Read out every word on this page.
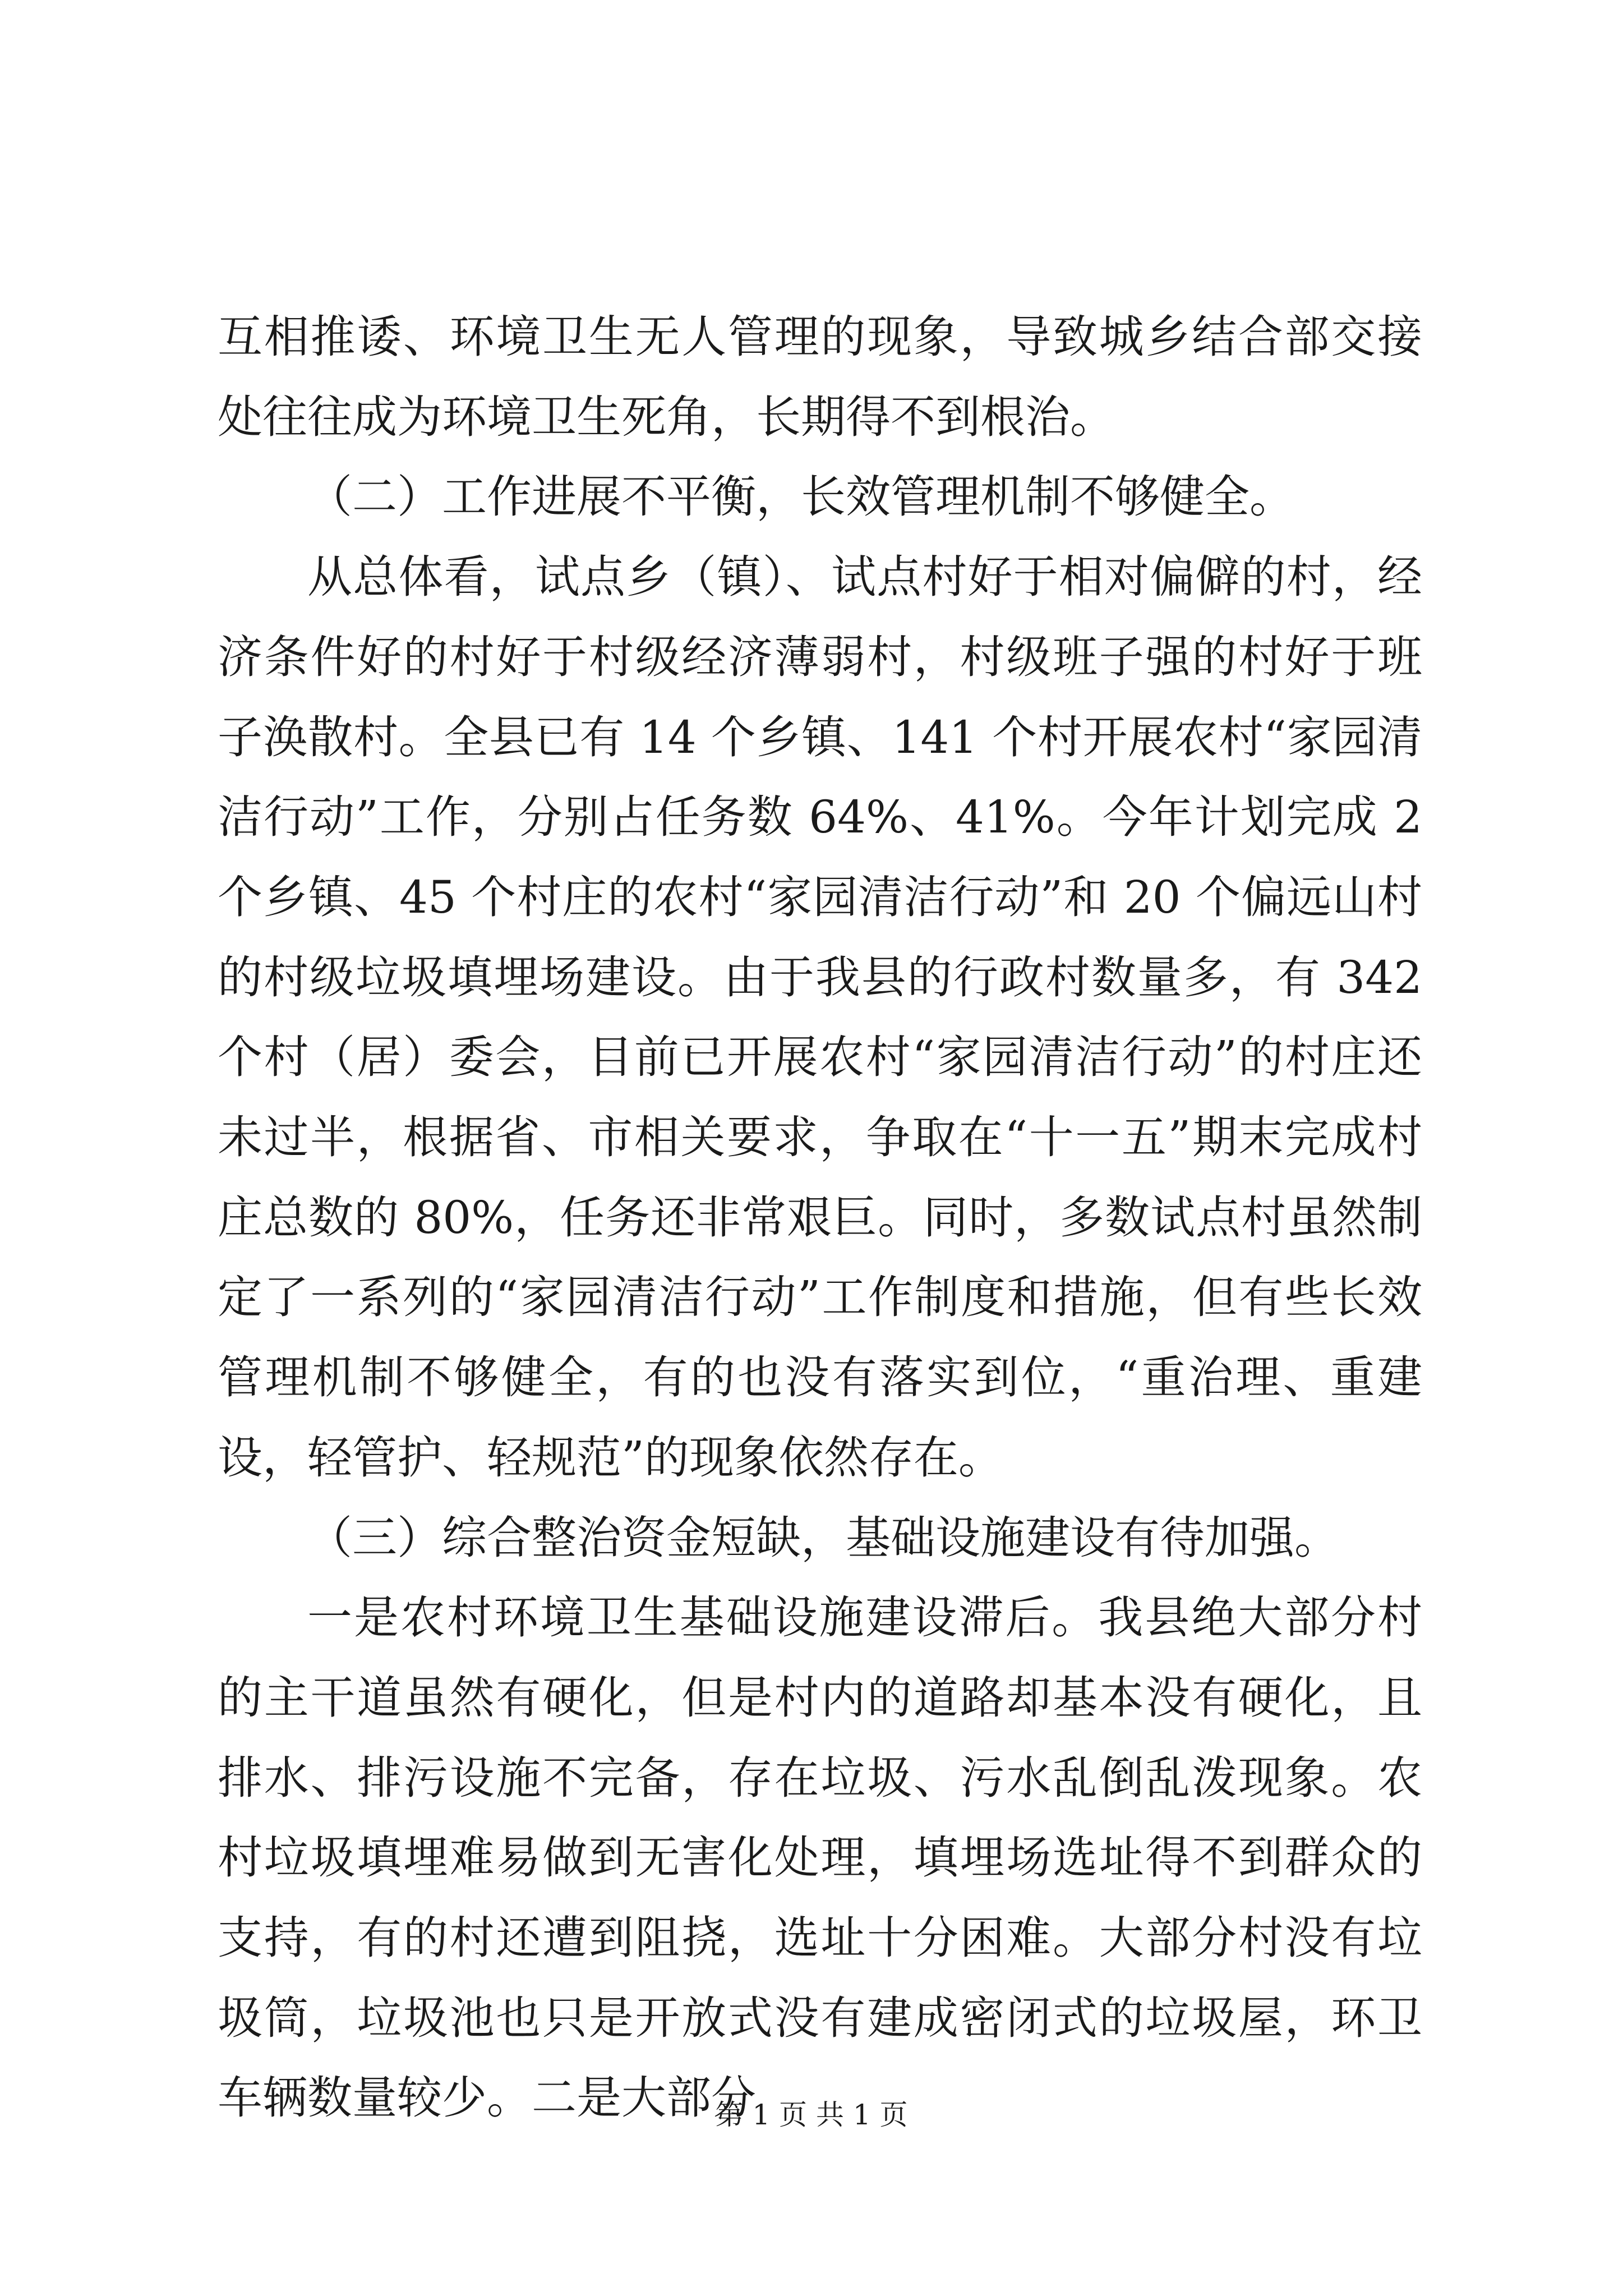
互相推诿、环境卫生无人管理的现象，导致城乡结合部交接处往往成为环境卫生死角，长期得不到根治。

（二）工作进展不平衡，长效管理机制不够健全。

从总体看，试点乡（镇）、试点村好于相对偏僻的村，经济条件好的村好于村级经济薄弱村，村级班子强的村好于班子涣散村。全县已有 14 个乡镇、141 个村开展农村“家园清洁行动”工作，分别占任务数 64%、41%。今年计划完成 2 个乡镇、45 个村庄的农村“家园清洁行动”和 20 个偏远山村的村级垃圾填埋场建设。由于我县的行政村数量多，有 342 个村（居）委会，目前已开展农村“家园清洁行动”的村庄还未过半，根据省、市相关要求，争取在“十一五”期末完成村庄总数的 80%，任务还非常艰巨。同时，多数试点村虽然制定了一系列的“家园清洁行动”工作制度和措施，但有些长效管理机制不够健全，有的也没有落实到位，“重治理、重建设，轻管护、轻规范”的现象依然存在。

（三）综合整治资金短缺，基础设施建设有待加强。

一是农村环境卫生基础设施建设滞后。我县绝大部分村的主干道虽然有硬化，但是村内的道路却基本没有硬化，且排水、排污设施不完备，存在垃圾、污水乱倒乱泼现象。农村垃圾填埋难易做到无害化处理，填埋场选址得不到群众的支持，有的村还遭到阻挠，选址十分困难。大部分村没有垃圾筒，垃圾池也只是开放式没有建成密闭式的垃圾屋，环卫车辆数量较少。二是大部分

第 1 页 共 1 页
